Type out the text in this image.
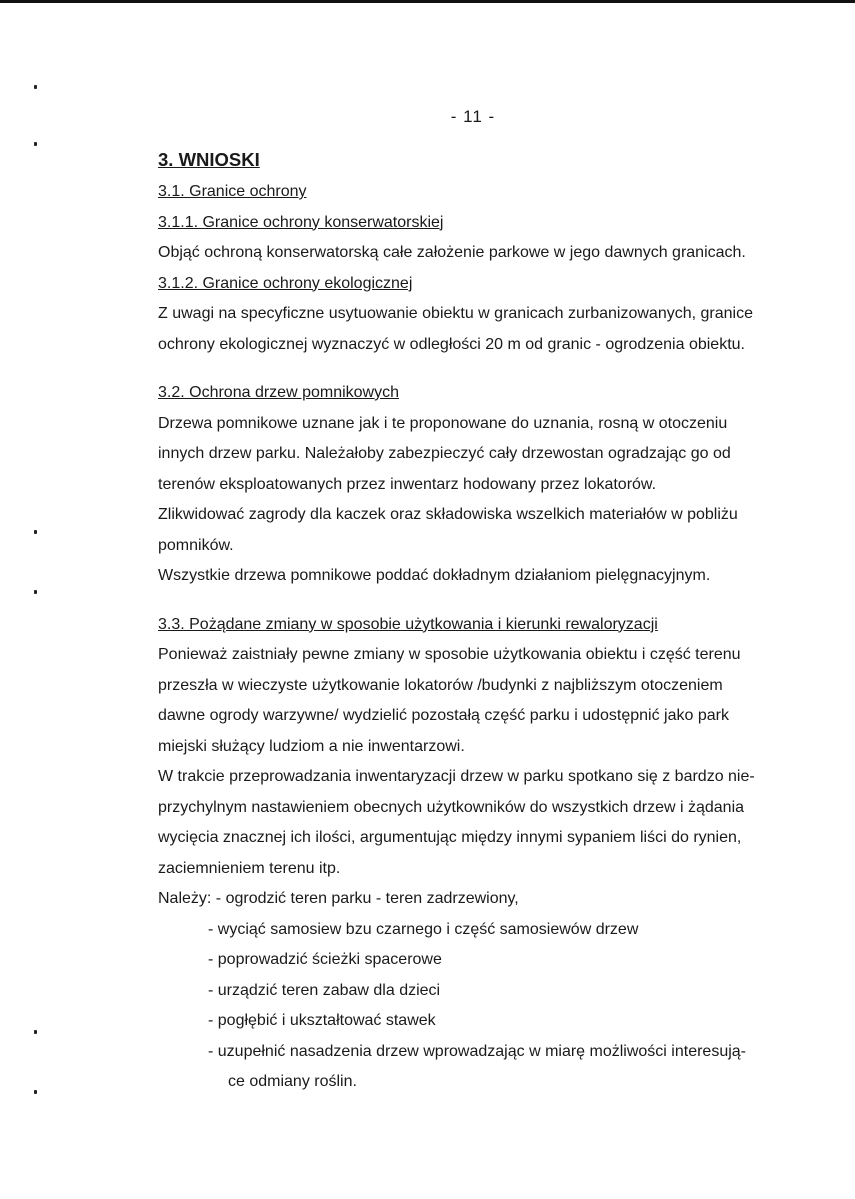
- 11 -
3. WNIOSKI

3.1. Granice ochrony

3.1.1. Granice ochrony konserwatorskiej

Objąć ochroną konserwatorską całe założenie parkowe w jego dawnych granicach.

3.1.2. Granice ochrony ekologicznej

Z uwagi na specyficzne usytuowanie obiektu w granicach zurbanizowanych, granice

ochrony ekologicznej wyznaczyć w odległości 20 m od granic - ogrodzenia obiektu.

3.2. Ochrona drzew pomnikowych

Drzewa pomnikowe uznane jak i te proponowane do uznania, rosną w otoczeniu

innych drzew parku. Należałoby zabezpieczyć cały drzewostan ogradzając go od

terenów eksploatowanych przez inwentarz hodowany przez lokatorów.

Zlikwidować zagrody dla kaczek oraz składowiska wszelkich materiałów w pobliżu

pomników.

Wszystkie drzewa pomnikowe poddać dokładnym działaniom pielęgnacyjnym.

3.3. Pożądane zmiany w sposobie użytkowania i kierunki rewaloryzacji

Ponieważ zaistniały pewne zmiany w sposobie użytkowania obiektu i część terenu

przeszła w wieczyste użytkowanie lokatorów /budynki z najbliższym otoczeniem

dawne ogrody warzywne/ wydzielić pozostałą część parku i udostępnić jako park

miejski służący ludziom a nie inwentarzowi.

W trakcie przeprowadzania inwentaryzacji drzew w parku spotkano się z bardzo nie-

przychylnym nastawieniem obecnych użytkowników do wszystkich drzew i żądania

wycięcia znacznej ich ilości, argumentując między innymi sypaniem liści do rynien,

zaciemnieniem terenu itp.

Należy: - ogrodzić teren parku - teren zadrzewiony,

- wyciąć samosiew bzu czarnego i część samosiewów drzew

- poprowadzić ścieżki spacerowe

- urządzić teren zabaw dla dzieci

- pogłębić i ukształtować stawek

- uzupełnić nasadzenia drzew wprowadzając w miarę możliwości interesują-

ce odmiany roślin.
